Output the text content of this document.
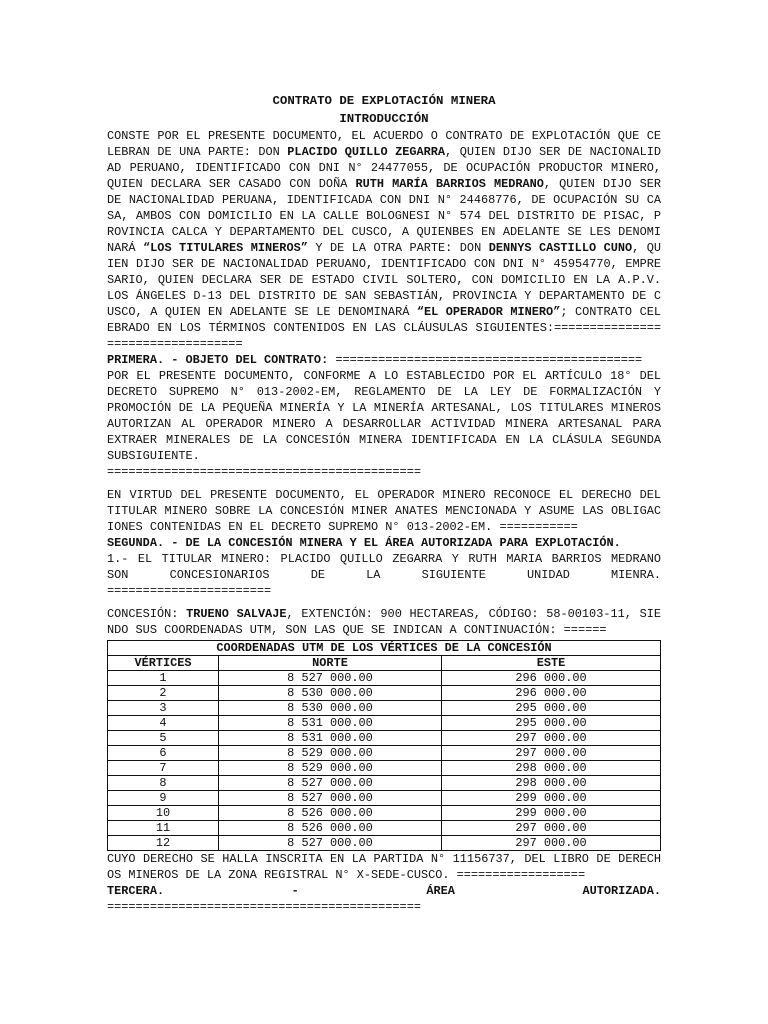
CONTRATO DE EXPLOTACIÓN MINERA
INTRODUCCIÓN

CONSTE POR EL PRESENTE DOCUMENTO, EL ACUERDO O CONTRATO DE EXPLOTACIÓN QUE CELEBRAN DE UNA PARTE: DON PLACIDO QUILLO ZEGARRA, QUIEN DIJO SER DE NACIONALIDAD PERUANO, IDENTIFICADO CON DNI N° 24477055, DE OCUPACIÓN PRODUCTOR MINERO, QUIEN DECLARA SER CASADO CON DOÑA RUTH MARÍA BARRIOS MEDRANO, QUIEN DIJO SER DE NACIONALIDAD PERUANA, IDENTIFICADA CON DNI N° 24468776, DE OCUPACIÓN SU CASA, AMBOS CON DOMICILIO EN LA CALLE BOLOGNESI N° 574 DEL DISTRITO DE PISAC, PROVINCIA CALCA Y DEPARTAMENTO DEL CUSCO, A QUIENBES EN ADELANTE SE LES DENOMINARÁ “LOS TITULARES MINEROS” Y DE LA OTRA PARTE: DON DENNYS CASTILLO CUNO, QUIEN DIJO SER DE NACIONALIDAD PERUANO, IDENTIFICADO CON DNI N° 45954770, EMPRESARIO, QUIEN DECLARA SER DE ESTADO CIVIL SOLTERO, CON DOMICILIO EN LA A.P.V. LOS ÁNGELES D-13 DEL DISTRITO DE SAN SEBASTIÁN, PROVINCIA Y DEPARTAMENTO DE CUSCO, A QUIEN EN ADELANTE SE LE DENOMINARÁ “EL OPERADOR MINERO”; CONTRATO CELEBRADO EN LOS TÉRMINOS CONTENIDOS EN LAS CLÁUSULAS SIGUIENTES:==================================

PRIMERA. - OBJETO DEL CONTRATO: ===========================================

POR EL PRESENTE DOCUMENTO, CONFORME A LO ESTABLECIDO POR EL ARTÍCULO 18° DEL DECRETO SUPREMO N° 013-2002-EM, REGLAMENTO DE LA LEY DE FORMALIZACIÓN Y PROMOCIÓN DE LA PEQUEÑA MINERÍA Y LA MINERÍA ARTESANAL, LOS TITULARES MINEROS AUTORIZAN AL OPERADOR MINERO A DESARROLLAR ACTIVIDAD MINERA ARTESANAL PARA EXTRAER MINERALES DE LA CONCESIÓN MINERA IDENTIFICADA EN LA CLÁSULA SEGUNDA SUBSIGUIENTE.

============================================

EN VIRTUD DEL PRESENTE DOCUMENTO, EL OPERADOR MINERO RECONOCE EL DERECHO DEL TITULAR MINERO SOBRE LA CONCESIÓN MINER ANATES MENCIONADA Y ASUME LAS OBLIGACIONES CONTENIDAS EN EL DECRETO SUPREMO N° 013-2002-EM. ===========

SEGUNDA. - DE LA CONCESIÓN MINERA Y EL ÁREA AUTORIZADA PARA EXPLOTACIÓN.

1.- EL TITULAR MINERO: PLACIDO QUILLO ZEGARRA Y RUTH MARIA BARRIOS MEDRANO SON CONCESIONARIOS DE LA SIGUIENTE UNIDAD MIENRA.

=======================

CONCESIÓN: TRUENO SALVAJE, EXTENCIÓN: 900 HECTAREAS, CÓDIGO: 58-00103-11, SIENDO SUS COORDENADAS UTM, SON LAS QUE SE INDICAN A CONTINUACIÓN: ======

COORDENADAS UTM DE LOS VÉRTICES DE LA CONCESIÓN		
VÉRTICES	NORTE	ESTE
1	8 527 000.00	296 000.00
2	8 530 000.00	296 000.00
3	8 530 000.00	295 000.00
4	8 531 000.00	295 000.00
5	8 531 000.00	297 000.00
6	8 529 000.00	297 000.00
7	8 529 000.00	298 000.00
8	8 527 000.00	298 000.00
9	8 527 000.00	299 000.00
10	8 526 000.00	299 000.00
11	8 526 000.00	297 000.00
12	8 527 000.00	297 000.00

CUYO DERECHO SE HALLA INSCRITA EN LA PARTIDA N° 11156737, DEL LIBRO DE DERECHOS MINEROS DE LA ZONA REGISTRAL N° X-SEDE-CUSCO. ==================

TERCERA.	-	ÁREA	AUTORIZADA.

============================================
